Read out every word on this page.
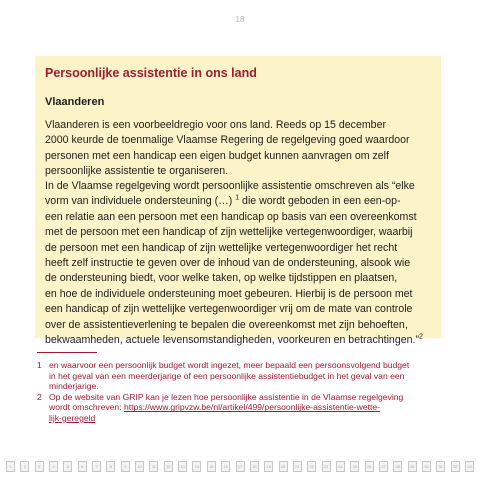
18
Persoonlijke assistentie in ons land
Vlaanderen

Vlaanderen is een voorbeeldregio voor ons land. Reeds op 15 december
2000 keurde de toenmalige Vlaamse Regering de regelgeving goed waardoor
personen met een handicap een eigen budget kunnen aanvragen om zelf
persoonlijke assistentie te organiseren.

In de Vlaamse regelgeving wordt persoonlijke assistentie omschreven als “elke
vorm van individuele ondersteuning (…) $^1$ die wordt geboden in een een-op-
een relatie aan een persoon met een handicap op basis van een overeenkomst
met de persoon met een handicap of zijn wettelijke vertegenwoordiger, waarbij
de persoon met een handicap of zijn wettelijke vertegenwoordiger het recht
heeft zelf instructie te geven over de inhoud van de ondersteuning, alsook wie
de ondersteuning biedt, voor welke taken, op welke tijdstippen en plaatsen,
en hoe de individuele ondersteuning moet gebeuren. Hierbij is de persoon met
een handicap of zijn wettelijke vertegenwoordiger vrij om de mate van controle
over de assistentieverlening te bepalen die overeenkomst met zijn behoeften,
bekwaamheden, actuele levensomstandigheden, voorkeuren en betrachtingen.”$^2$

1 en waarvoor een persoonlijk budget wordt ingezet, meer bepaald een persoonsvolgend budget
in het geval van een meerderjarige of een persoonlijke assistentiebudget in het geval van een
minderjarige.
2 Op de website van GRIP kan je lezen hoe persoonlijke assistentie in de Vlaamse regelgeving
wordt omschreven: https://www.gripvzw.be/nl/artikel/499/persoonlijke-assistentie-wette-
lijk-geregeld
1	2	3	4	5	6	7	8	9	10	11	12	13	14	15	16	17	18	19	20	21	22	23	24	25	26	27	28	29	30	31	32	33
